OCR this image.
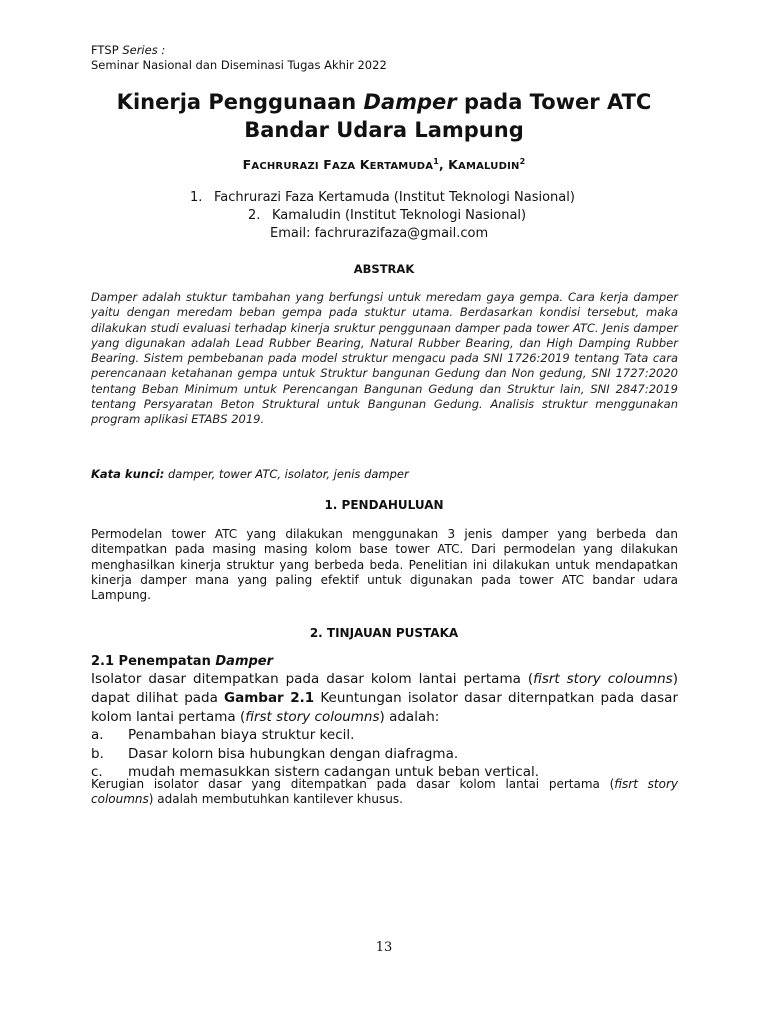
FTSP Series :
Seminar Nasional dan Diseminasi Tugas Akhir 2022
Kinerja Penggunaan Damper pada Tower ATC
Bandar Udara Lampung
FACHRURAZI FAZA KERTAMUDA$^1$, KAMALUDIN$^2$
1. Fachrurazi Faza Kertamuda (Institut Teknologi Nasional)
2. Kamaludin (Institut Teknologi Nasional)
Email: fachrurazifaza@gmail.com
ABSTRAK
Damper adalah stuktur tambahan yang berfungsi untuk meredam gaya gempa. Cara kerja damper yaitu dengan meredam beban gempa pada stuktur utama. Berdasarkan kondisi tersebut, maka dilakukan studi evaluasi terhadap kinerja sruktur penggunaan damper pada tower ATC. Jenis damper yang digunakan adalah Lead Rubber Bearing, Natural Rubber Bearing, dan High Damping Rubber Bearing. Sistem pembebanan pada model struktur mengacu pada SNI 1726:2019 tentang Tata cara perencanaan ketahanan gempa untuk Struktur bangunan Gedung dan Non gedung, SNI 1727:2020 tentang Beban Minimum untuk Perencangan Bangunan Gedung dan Struktur lain, SNI 2847:2019 tentang Persyaratan Beton Struktural untuk Bangunan Gedung. Analisis struktur menggunakan program aplikasi ETABS 2019.
Kata kunci: damper, tower ATC, isolator, jenis damper
1. PENDAHULUAN
Permodelan tower ATC yang dilakukan menggunakan 3 jenis damper yang berbeda dan ditempatkan pada masing masing kolom base tower ATC. Dari permodelan yang dilakukan menghasilkan kinerja struktur yang berbeda beda. Penelitian ini dilakukan untuk mendapatkan kinerja damper mana yang paling efektif untuk digunakan pada tower ATC bandar udara Lampung.
2. TINJAUAN PUSTAKA
2.1 Penempatan Damper
Isolator dasar ditempatkan pada dasar kolom lantai pertama (fisrt story coloumns) dapat dilihat pada Gambar 2.1 Keuntungan isolator dasar diternpatkan pada dasar kolom lantai pertama (first story coloumns) adalah:
a. Penambahan biaya struktur kecil.
b. Dasar kolorn bisa hubungkan dengan diafragma.
c. mudah memasukkan sistern cadangan untuk beban vertical.
Kerugian isolator dasar yang ditempatkan pada dasar kolom lantai pertama (fisrt story coloumns) adalah membutuhkan kantilever khusus.
13
